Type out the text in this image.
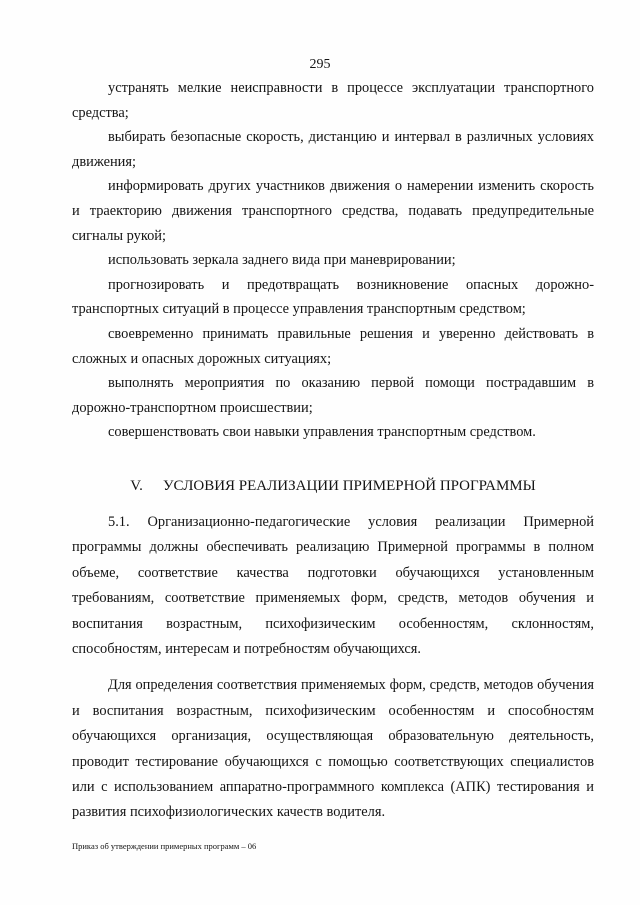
295

устранять мелкие неисправности в процессе эксплуатации транспортного средства;

выбирать безопасные скорость, дистанцию и интервал в различных условиях движения;

информировать других участников движения о намерении изменить скорость и траекторию движения транспортного средства, подавать предупредительные сигналы рукой;

использовать зеркала заднего вида при маневрировании;

прогнозировать и предотвращать возникновение опасных дорожно-транспортных ситуаций в процессе управления транспортным средством;

своевременно принимать правильные решения и уверенно действовать в сложных и опасных дорожных ситуациях;

выполнять мероприятия по оказанию первой помощи пострадавшим в дорожно-транспортном происшествии;

совершенствовать свои навыки управления транспортным средством.

V. УСЛОВИЯ РЕАЛИЗАЦИИ ПРИМЕРНОЙ ПРОГРАММЫ

5.1. Организационно-педагогические условия реализации Примерной программы должны обеспечивать реализацию Примерной программы в полном объеме, соответствие качества подготовки обучающихся установленным требованиям, соответствие применяемых форм, средств, методов обучения и воспитания возрастным, психофизическим особенностям, склонностям, способностям, интересам и потребностям обучающихся.

Для определения соответствия применяемых форм, средств, методов обучения и воспитания возрастным, психофизическим особенностям и способностям обучающихся организация, осуществляющая образовательную деятельность, проводит тестирование обучающихся с помощью соответствующих специалистов или с использованием аппаратно-программного комплекса (АПК) тестирования и развития психофизиологических качеств водителя.

Приказ об утверждении примерных программ – 06
